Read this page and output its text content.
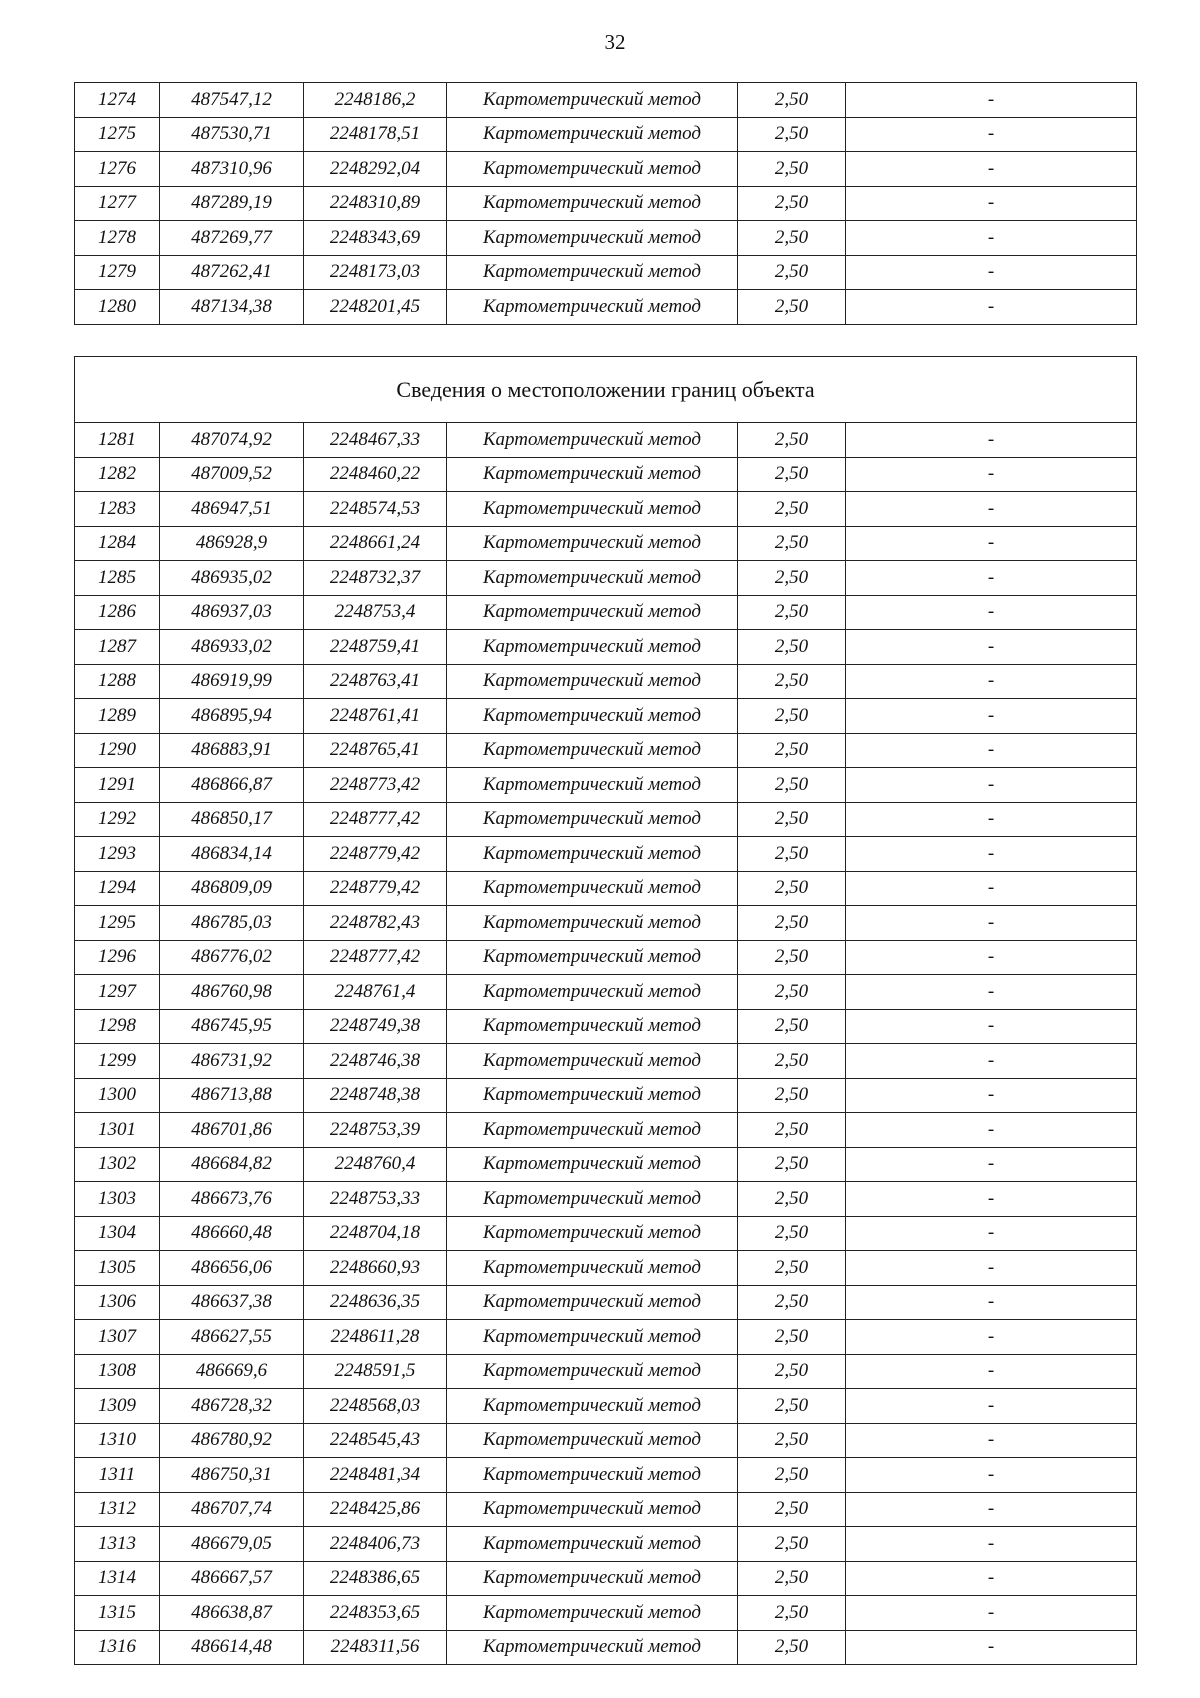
32
1274	487547,12	2248186,2	Картометрический метод	2,50	-
1275	487530,71	2248178,51	Картометрический метод	2,50	-
1276	487310,96	2248292,04	Картометрический метод	2,50	-
1277	487289,19	2248310,89	Картометрический метод	2,50	-
1278	487269,77	2248343,69	Картометрический метод	2,50	-
1279	487262,41	2248173,03	Картометрический метод	2,50	-
1280	487134,38	2248201,45	Картометрический метод	2,50	-
Сведения о местоположении границ объекта					
1281	487074,92	2248467,33	Картометрический метод	2,50	-
1282	487009,52	2248460,22	Картометрический метод	2,50	-
1283	486947,51	2248574,53	Картометрический метод	2,50	-
1284	486928,9	2248661,24	Картометрический метод	2,50	-
1285	486935,02	2248732,37	Картометрический метод	2,50	-
1286	486937,03	2248753,4	Картометрический метод	2,50	-
1287	486933,02	2248759,41	Картометрический метод	2,50	-
1288	486919,99	2248763,41	Картометрический метод	2,50	-
1289	486895,94	2248761,41	Картометрический метод	2,50	-
1290	486883,91	2248765,41	Картометрический метод	2,50	-
1291	486866,87	2248773,42	Картометрический метод	2,50	-
1292	486850,17	2248777,42	Картометрический метод	2,50	-
1293	486834,14	2248779,42	Картометрический метод	2,50	-
1294	486809,09	2248779,42	Картометрический метод	2,50	-
1295	486785,03	2248782,43	Картометрический метод	2,50	-
1296	486776,02	2248777,42	Картометрический метод	2,50	-
1297	486760,98	2248761,4	Картометрический метод	2,50	-
1298	486745,95	2248749,38	Картометрический метод	2,50	-
1299	486731,92	2248746,38	Картометрический метод	2,50	-
1300	486713,88	2248748,38	Картометрический метод	2,50	-
1301	486701,86	2248753,39	Картометрический метод	2,50	-
1302	486684,82	2248760,4	Картометрический метод	2,50	-
1303	486673,76	2248753,33	Картометрический метод	2,50	-
1304	486660,48	2248704,18	Картометрический метод	2,50	-
1305	486656,06	2248660,93	Картометрический метод	2,50	-
1306	486637,38	2248636,35	Картометрический метод	2,50	-
1307	486627,55	2248611,28	Картометрический метод	2,50	-
1308	486669,6	2248591,5	Картометрический метод	2,50	-
1309	486728,32	2248568,03	Картометрический метод	2,50	-
1310	486780,92	2248545,43	Картометрический метод	2,50	-
1311	486750,31	2248481,34	Картометрический метод	2,50	-
1312	486707,74	2248425,86	Картометрический метод	2,50	-
1313	486679,05	2248406,73	Картометрический метод	2,50	-
1314	486667,57	2248386,65	Картометрический метод	2,50	-
1315	486638,87	2248353,65	Картометрический метод	2,50	-
1316	486614,48	2248311,56	Картометрический метод	2,50	-
